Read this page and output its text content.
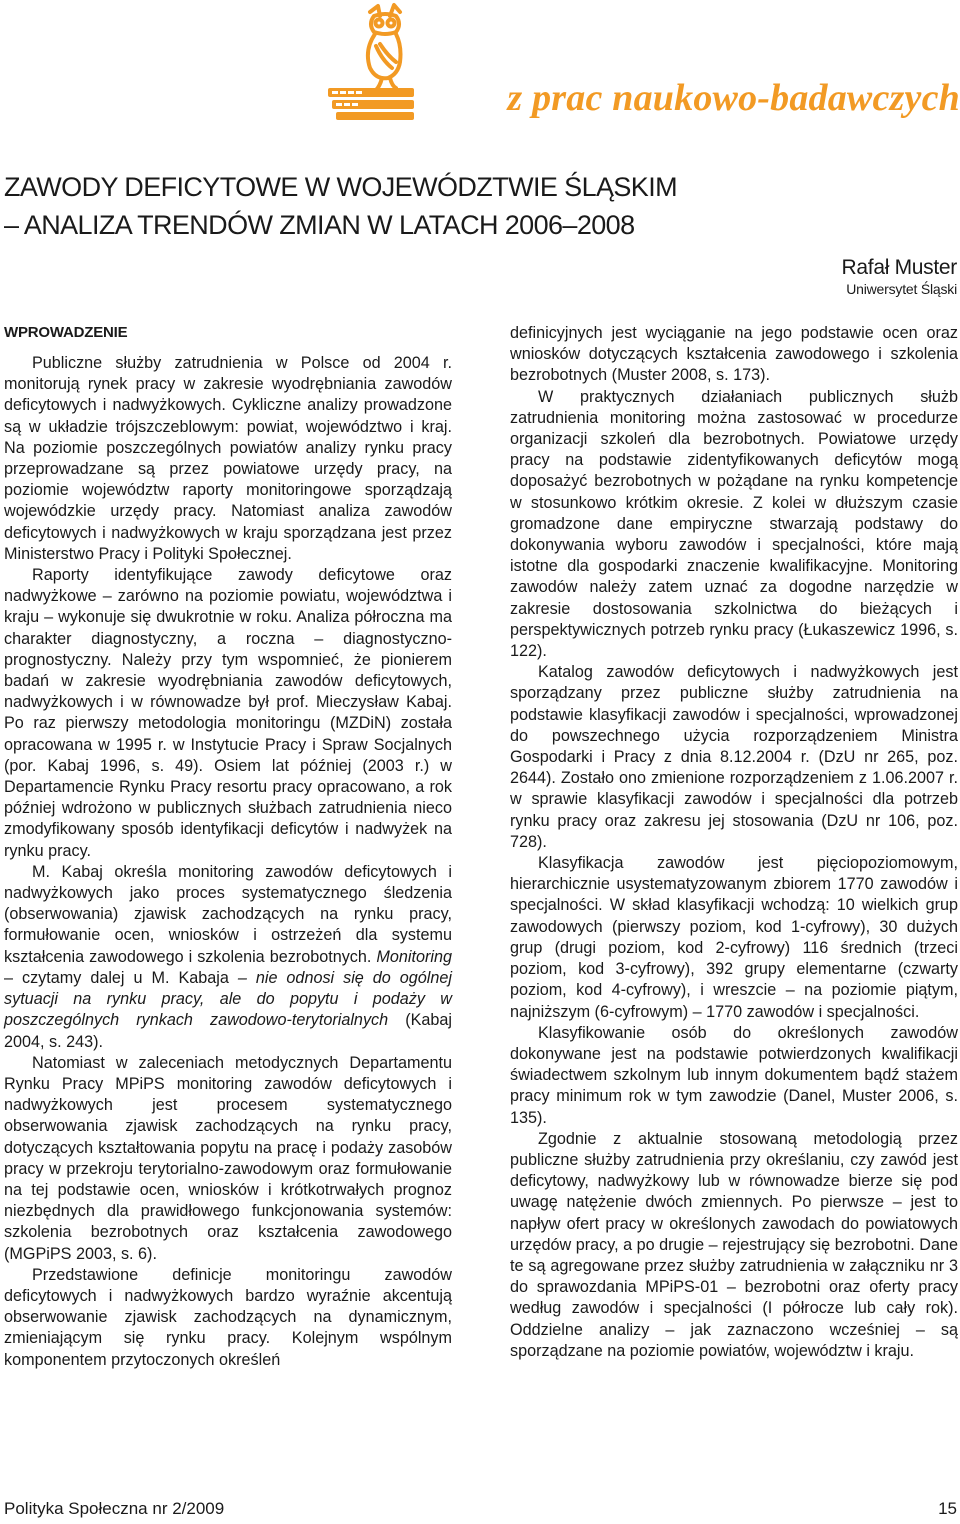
z prac naukowo-badawczych
ZAWODY DEFICYTOWE W WOJEWÓDZTWIE ŚLĄSKIM
– ANALIZA TRENDÓW ZMIAN W LATACH 2006–2008
Rafał Muster
Uniwersytet Śląski
WPROWADZENIE

Publiczne służby zatrudnienia w Polsce od 2004 r. monitorują rynek pracy w zakresie wyodrębniania zawodów deficytowych i nadwyżkowych. Cykliczne analizy prowadzone są w układzie trójszczeblowym: powiat, województwo i kraj. Na poziomie poszczególnych powiatów analizy rynku pracy przeprowadzane są przez powiatowe urzędy pracy, na poziomie województw raporty monitoringowe sporządzają wojewódzkie urzędy pracy. Natomiast analiza zawodów deficytowych i nadwyżkowych w kraju sporządzana jest przez Ministerstwo Pracy i Polityki Społecznej.

Raporty identyfikujące zawody deficytowe oraz nadwyżkowe – zarówno na poziomie powiatu, województwa i kraju – wykonuje się dwukrotnie w roku. Analiza półroczna ma charakter diagnostyczny, a roczna – diagnostyczno-prognostyczny. Należy przy tym wspomnieć, że pionierem badań w zakresie wyodrębniania zawodów deficytowych, nadwyżkowych i w równowadze był prof. Mieczysław Kabaj. Po raz pierwszy metodologia monitoringu (MZDiN) została opracowana w 1995 r. w Instytucie Pracy i Spraw Socjalnych (por. Kabaj 1996, s. 49). Osiem lat później (2003 r.) w Departamencie Rynku Pracy resortu pracy opracowano, a rok później wdrożono w publicznych służbach zatrudnienia nieco zmodyfikowany sposób identyfikacji deficytów i nadwyżek na rynku pracy.

M. Kabaj określa monitoring zawodów deficytowych i nadwyżkowych jako proces systematycznego śledzenia (obserwowania) zjawisk zachodzących na rynku pracy, formułowanie ocen, wniosków i ostrzeżeń dla systemu kształcenia zawodowego i szkolenia bezrobotnych. Monitoring – czytamy dalej u M. Kabaja – nie odnosi się do ogólnej sytuacji na rynku pracy, ale do popytu i podaży w poszczególnych rynkach zawodowo-terytorialnych (Kabaj 2004, s. 243).

Natomiast w zaleceniach metodycznych Departamentu Rynku Pracy MPiPS monitoring zawodów deficytowych i nadwyżkowych jest procesem systematycznego obserwowania zjawisk zachodzących na rynku pracy, dotyczących kształtowania popytu na pracę i podaży zasobów pracy w przekroju terytorialno-zawodowym oraz formułowanie na tej podstawie ocen, wniosków i krótkotrwałych prognoz niezbędnych dla prawidłowego funkcjonowania systemów: szkolenia bezrobotnych oraz kształcenia zawodowego (MGPiPS 2003, s. 6).

Przedstawione definicje monitoringu zawodów deficytowych i nadwyżkowych bardzo wyraźnie akcentują obserwowanie zjawisk zachodzących na dynamicznym, zmieniającym się rynku pracy. Kolejnym wspólnym komponentem przytoczonych określeń

definicyjnych jest wyciąganie na jego podstawie ocen oraz wniosków dotyczących kształcenia zawodowego i szkolenia bezrobotnych (Muster 2008, s. 173).

W praktycznych działaniach publicznych służb zatrudnienia monitoring można zastosować w procedurze organizacji szkoleń dla bezrobotnych. Powiatowe urzędy pracy na podstawie zidentyfikowanych deficytów mogą doposażyć bezrobotnych w pożądane na rynku kompetencje w stosunkowo krótkim okresie. Z kolei w dłuższym czasie gromadzone dane empiryczne stwarzają podstawy do dokonywania wyboru zawodów i specjalności, które mają istotne dla gospodarki znaczenie kwalifikacyjne. Monitoring zawodów należy zatem uznać za dogodne narzędzie w zakresie dostosowania szkolnictwa do bieżących i perspektywicznych potrzeb rynku pracy (Łukaszewicz 1996, s. 122).

Katalog zawodów deficytowych i nadwyżkowych jest sporządzany przez publiczne służby zatrudnienia na podstawie klasyfikacji zawodów i specjalności, wprowadzonej do powszechnego użycia rozporządzeniem Ministra Gospodarki i Pracy z dnia 8.12.2004 r. (DzU nr 265, poz. 2644). Zostało ono zmienione rozporządzeniem z 1.06.2007 r. w sprawie klasyfikacji zawodów i specjalności dla potrzeb rynku pracy oraz zakresu jej stosowania (DzU nr 106, poz. 728).

Klasyfikacja zawodów jest pięciopoziomowym, hierarchicznie usystematyzowanym zbiorem 1770 zawodów i specjalności. W skład klasyfikacji wchodzą: 10 wielkich grup zawodowych (pierwszy poziom, kod 1-cyfrowy), 30 dużych grup (drugi poziom, kod 2-cyfrowy) 116 średnich (trzeci poziom, kod 3-cyfrowy), 392 grupy elementarne (czwarty poziom, kod 4-cyfrowy), i wreszcie – na poziomie piątym, najniższym (6-cyfrowym) – 1770 zawodów i specjalności.

Klasyfikowanie osób do określonych zawodów dokonywane jest na podstawie potwierdzonych kwalifikacji świadectwem szkolnym lub innym dokumentem bądź stażem pracy minimum rok w tym zawodzie (Danel, Muster 2006, s. 135).

Zgodnie z aktualnie stosowaną metodologią przez publiczne służby zatrudnienia przy określaniu, czy zawód jest deficytowy, nadwyżkowy lub w równowadze bierze się pod uwagę natężenie dwóch zmiennych. Po pierwsze – jest to napływ ofert pracy w określonych zawodach do powiatowych urzędów pracy, a po drugie – rejestrujący się bezrobotni. Dane te są agregowane przez służby zatrudnienia w załączniku nr 3 do sprawozdania MPiPS-01 – bezrobotni oraz oferty pracy według zawodów i specjalności (I półrocze lub cały rok). Oddzielne analizy – jak zaznaczono wcześniej – są sporządzane na poziomie powiatów, województw i kraju.

Polityka Społeczna nr 2/2009	15
